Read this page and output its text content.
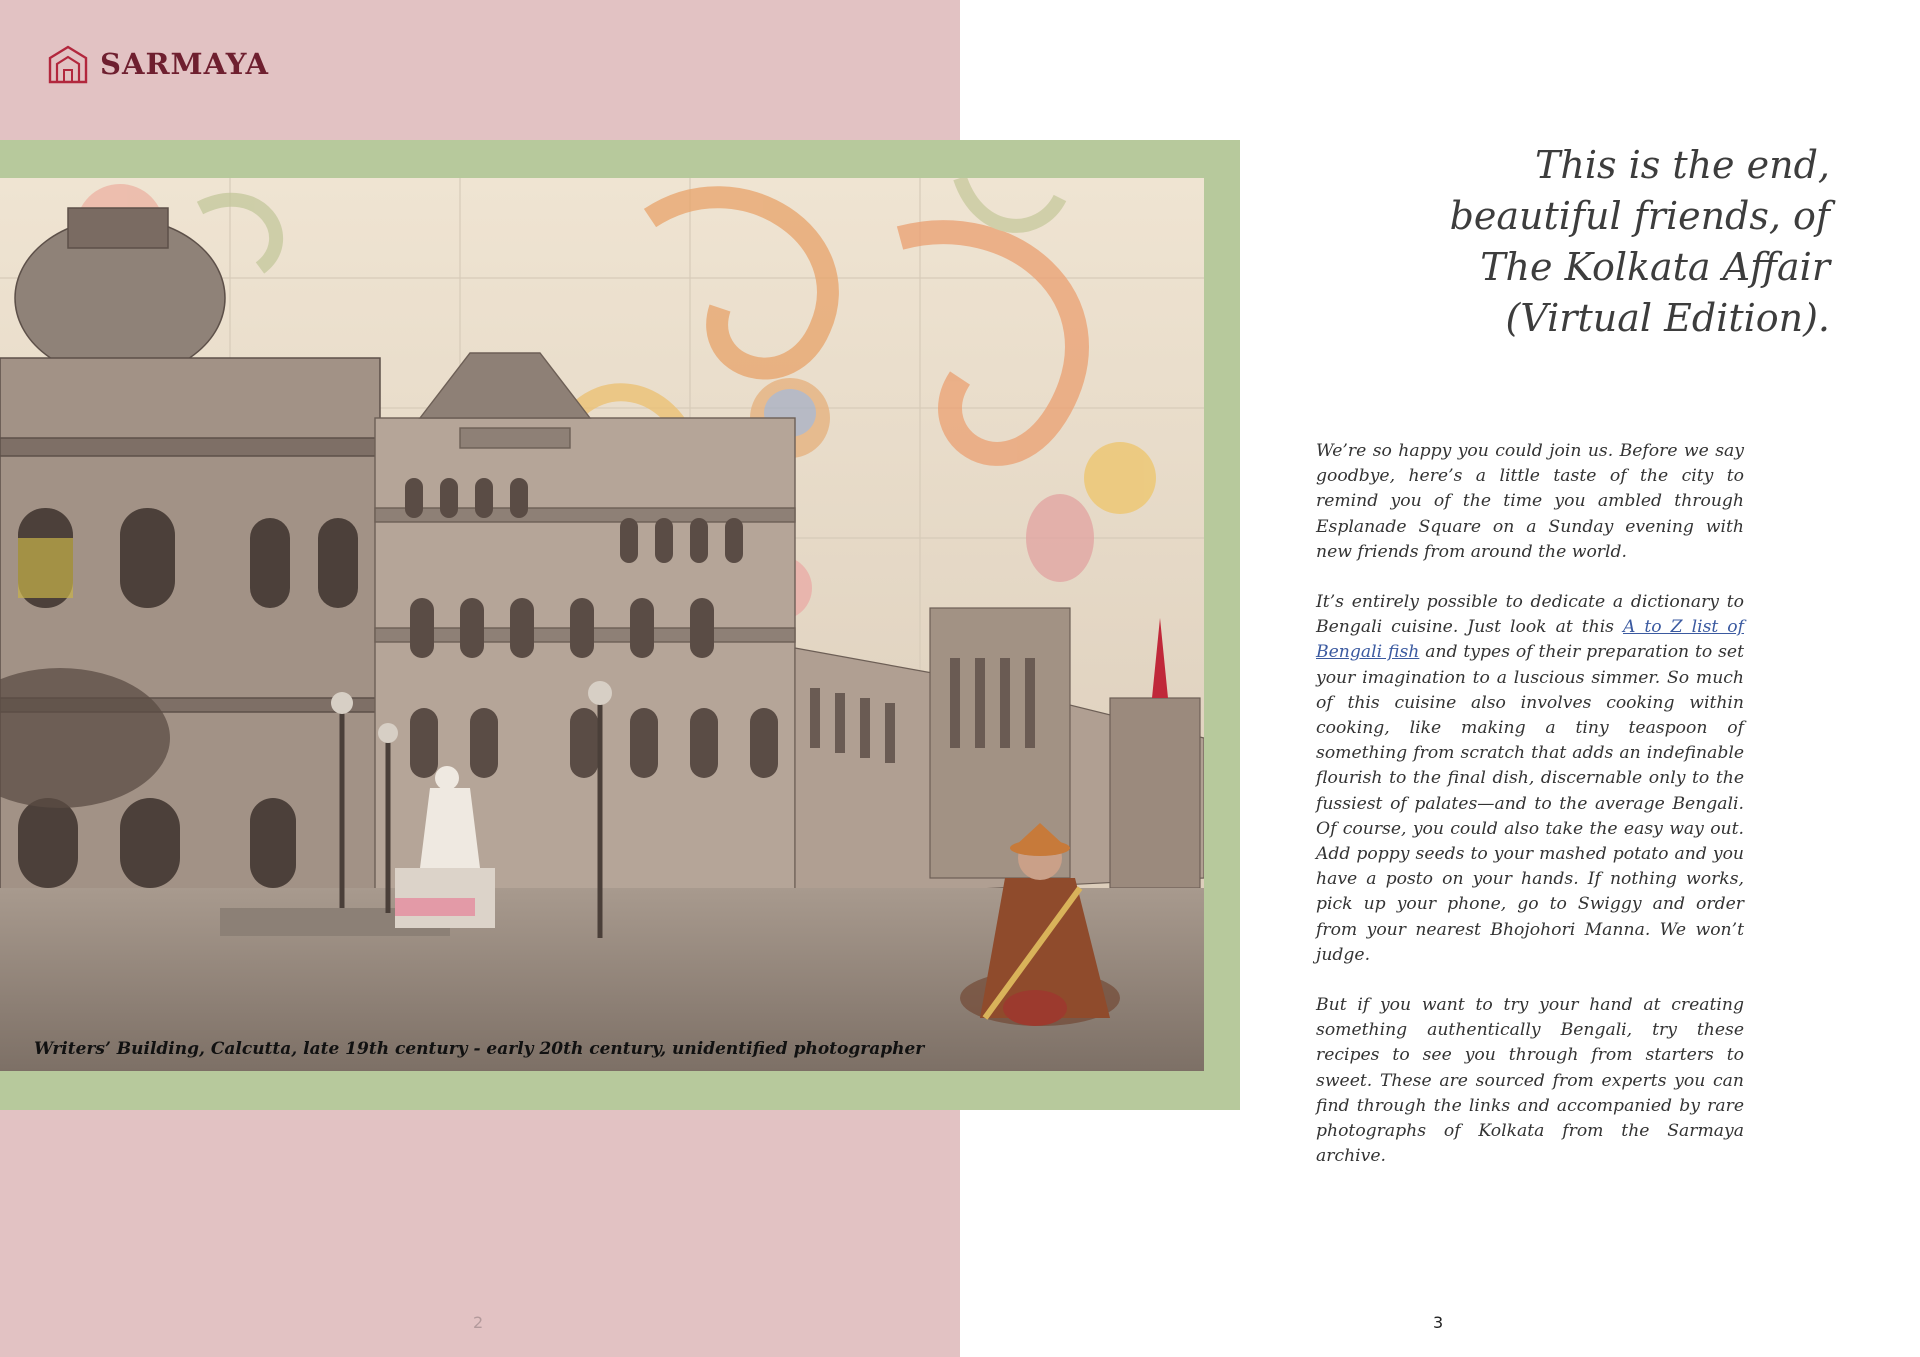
SARMAYA
2	3
Writers’ Building, Calcutta, late 19th century - early 20th century, unidentified photographer
This is the end,
beautiful friends, of
The Kolkata Affair
(Virtual Edition).

We’re so happy you could join us. Before we say goodbye, here’s a little taste of the city to remind you of the time you ambled through Esplanade Square on a Sunday evening with new friends from around the world.

It’s entirely possible to dedicate a dictionary to Bengali cuisine. Just look at this A to Z list of Bengali fish and types of their preparation to set your imagination to a luscious simmer. So much of this cuisine also involves cooking within cooking, like making a tiny teaspoon of something from scratch that adds an indefinable flourish to the final dish, discernable only to the fussiest of palates—and to the average Bengali. Of course, you could also take the easy way out. Add poppy seeds to your mashed potato and you have a posto on your hands. If nothing works, pick up your phone, go to Swiggy and order from your nearest Bhojohori Manna. We won’t judge.

But if you want to try your hand at creating something authentically Bengali, try these recipes to see you through from starters to sweet. These are sourced from experts you can find through the links and accompanied by rare photographs of Kolkata from the Sarmaya archive.
